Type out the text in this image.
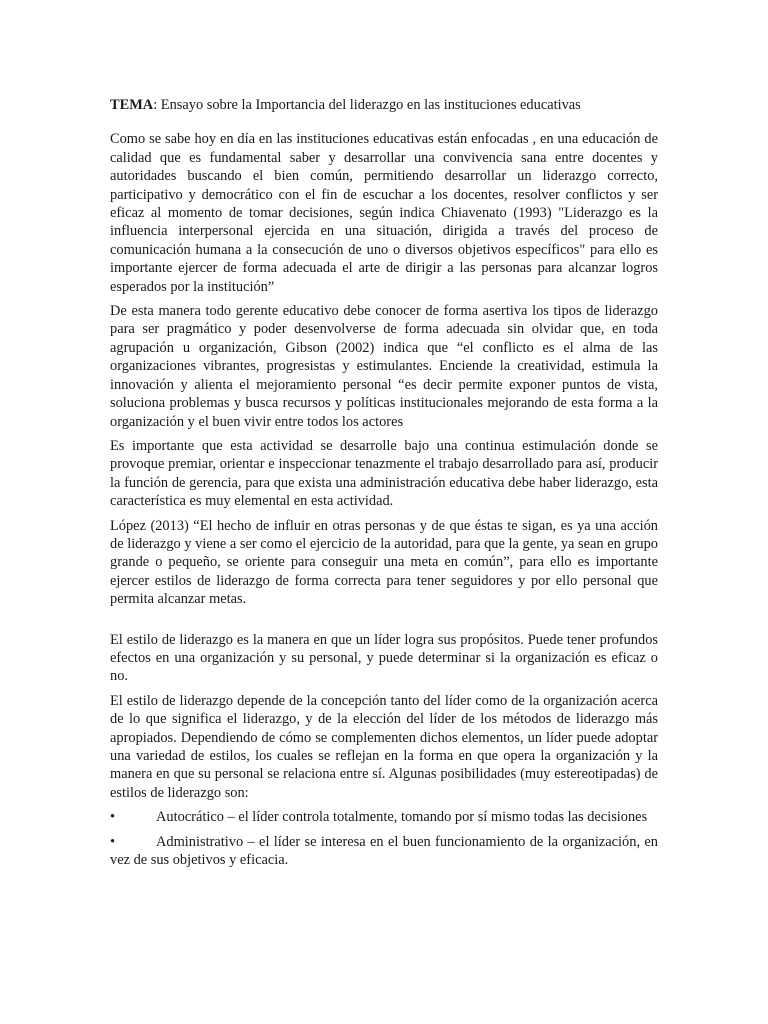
TEMA: Ensayo sobre la Importancia del liderazgo en las instituciones educativas

Como se sabe hoy en día en las instituciones educativas están enfocadas , en una educación de calidad que es fundamental saber y desarrollar una convivencia sana entre docentes y autoridades buscando el bien común, permitiendo desarrollar un liderazgo correcto, participativo y democrático con el fin de escuchar a los docentes, resolver conflictos y ser eficaz al momento de tomar decisiones, según indica Chiavenato (1993) "Liderazgo es la influencia interpersonal ejercida en una situación, dirigida a través del proceso de comunicación humana a la consecución de uno o diversos objetivos específicos" para ello es importante ejercer de forma adecuada el arte de dirigir a las personas para alcanzar logros esperados por la institución”

De esta manera todo gerente educativo debe conocer de forma asertiva los tipos de liderazgo para ser pragmático y poder desenvolverse de forma adecuada sin olvidar que, en toda agrupación u organización, Gibson (2002) indica que “el conflicto es el alma de las organizaciones vibrantes, progresistas y estimulantes. Enciende la creatividad, estimula la innovación y alienta el mejoramiento personal “es decir permite exponer puntos de vista, soluciona problemas y busca recursos y políticas institucionales mejorando de esta forma a la organización y el buen vivir entre todos los actores

Es importante que esta actividad se desarrolle bajo una continua estimulación donde se provoque premiar, orientar e inspeccionar tenazmente el trabajo desarrollado para así, producir la función de gerencia, para que exista una administración educativa debe haber liderazgo, esta característica es muy elemental en esta actividad.

López (2013) “El hecho de influir en otras personas y de que éstas te sigan, es ya una acción de liderazgo y viene a ser como el ejercicio de la autoridad, para que la gente, ya sean en grupo grande o pequeño, se oriente para conseguir una meta en común”, para ello es importante ejercer estilos de liderazgo de forma correcta para tener seguidores y por ello personal que permita alcanzar metas.

El estilo de liderazgo es la manera en que un líder logra sus propósitos. Puede tener profundos efectos en una organización y su personal, y puede determinar si la organización es eficaz o no.

El estilo de liderazgo depende de la concepción tanto del líder como de la organización acerca de lo que significa el liderazgo, y de la elección del líder de los métodos de liderazgo más apropiados. Dependiendo de cómo se complementen dichos elementos, un líder puede adoptar una variedad de estilos, los cuales se reflejan en la forma en que opera la organización y la manera en que su personal se relaciona entre sí. Algunas posibilidades (muy estereotipadas) de estilos de liderazgo son:

•	Autocrático – el líder controla totalmente, tomando por sí mismo todas las decisiones

•	Administrativo – el líder se interesa en el buen funcionamiento de la organización, en vez de sus objetivos y eficacia.
